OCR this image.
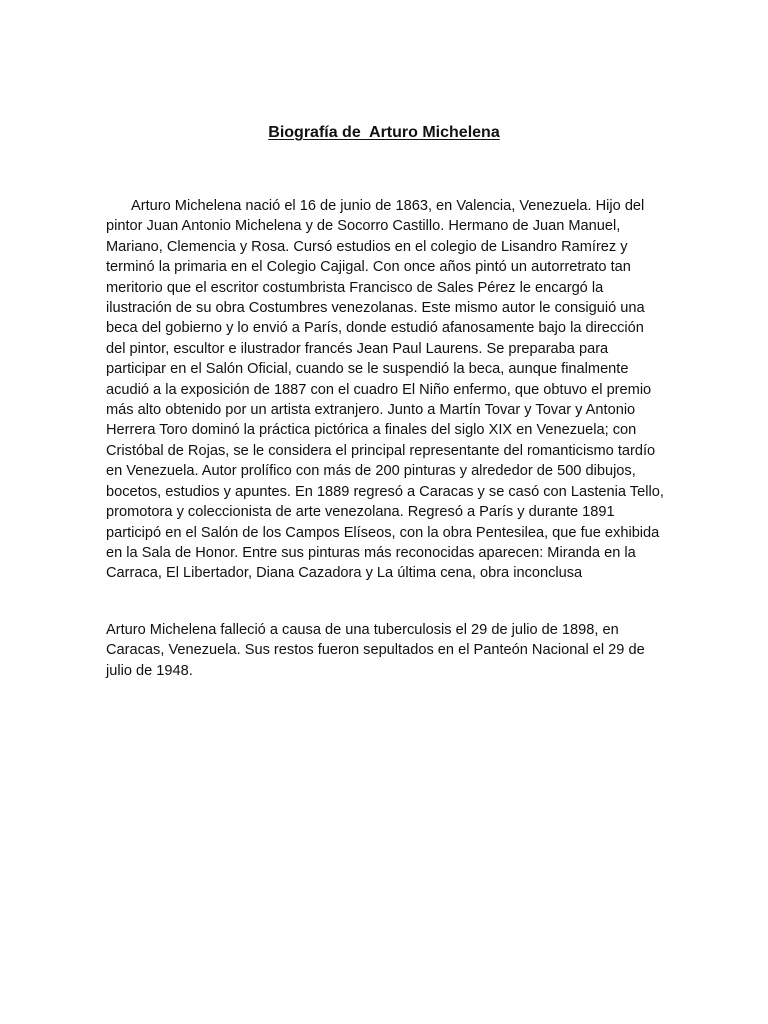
Biografía de  Arturo Michelena

Arturo Michelena nació el 16 de junio de 1863, en Valencia, Venezuela. Hijo del pintor Juan Antonio Michelena y de Socorro Castillo. Hermano de Juan Manuel, Mariano, Clemencia y Rosa. Cursó estudios en el colegio de Lisandro Ramírez y terminó la primaria en el Colegio Cajigal. Con once años pintó un autorretrato tan meritorio que el escritor costumbrista Francisco de Sales Pérez le encargó la ilustración de su obra Costumbres venezolanas. Este mismo autor le consiguió una beca del gobierno y lo envió a París, donde estudió afanosamente bajo la dirección del pintor, escultor e ilustrador francés Jean Paul Laurens. Se preparaba para participar en el Salón Oficial, cuando se le suspendió la beca, aunque finalmente acudió a la exposición de 1887 con el cuadro El Niño enfermo, que obtuvo el premio más alto obtenido por un artista extranjero. Junto a Martín Tovar y Tovar y Antonio Herrera Toro dominó la práctica pictórica a finales del siglo XIX en Venezuela; con Cristóbal de Rojas, se le considera el principal representante del romanticismo tardío en Venezuela. Autor prolífico con más de 200 pinturas y alrededor de 500 dibujos, bocetos, estudios y apuntes. En 1889 regresó a Caracas y se casó con Lastenia Tello, promotora y coleccionista de arte venezolana. Regresó a París y durante 1891 participó en el Salón de los Campos Elíseos, con la obra Pentesilea, que fue exhibida en la Sala de Honor. Entre sus pinturas más reconocidas aparecen: Miranda en la Carraca, El Libertador, Diana Cazadora y La última cena, obra inconclusa

Arturo Michelena falleció a causa de una tuberculosis el 29 de julio de 1898, en Caracas, Venezuela. Sus restos fueron sepultados en el Panteón Nacional el 29 de julio de 1948.
